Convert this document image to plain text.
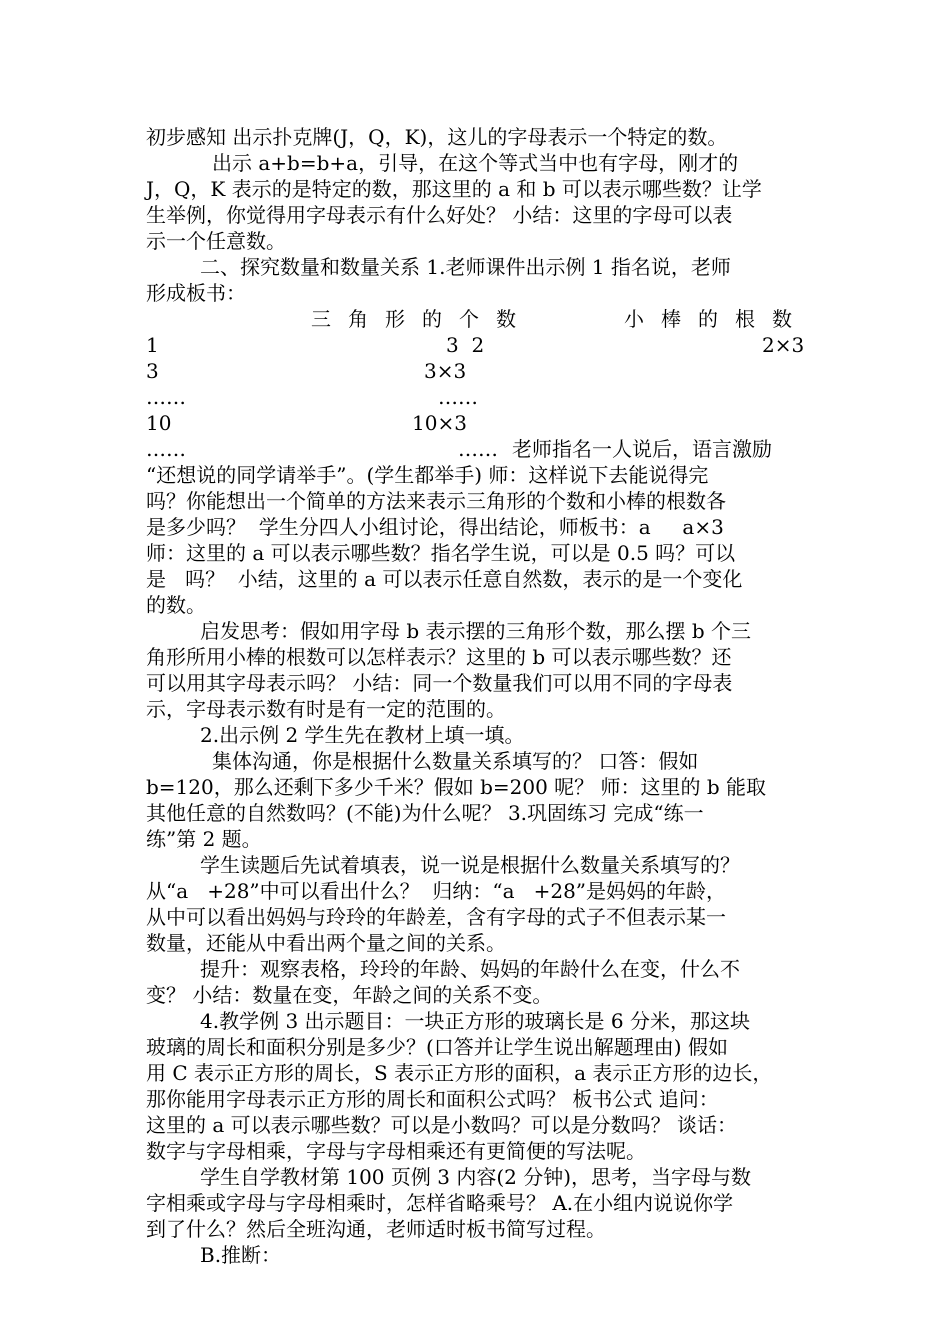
初步感知 出示扑克牌(J，Q，K)，这儿的字母表示一个特定的数。
出示 a+b=b+a，引导，在这个等式当中也有字母，刚才的
J，Q，K 表示的是特定的数，那这里的 a 和 b 可以表示哪些数？让学
生举例，你觉得用字母表示有什么好处？ 小结：这里的字母可以表
示一个任意数。
二、探究数量和数量关系 1.老师课件出示例 1 指名说，老师
形成板书：
三角形的个数	小棒的根数
1	3  2	2×3
3	3×3
……	……
10	10×3
……	…… 老师指名一人说后，语言激励
“还想说的同学请举手”。(学生都举手) 师：这样说下去能说得完
吗？你能想出一个简单的方法来表示三角形的个数和小棒的根数各
是多少吗？  学生分四人小组讨论，得出结论，师板书：a     a×3
师：这里的 a 可以表示哪些数？指名学生说，可以是 0.5 吗？可以
是   吗？  小结，这里的 a 可以表示任意自然数，表示的是一个变化
的数。
启发思考：假如用字母 b 表示摆的三角形个数，那么摆 b 个三
角形所用小棒的根数可以怎样表示？这里的 b 可以表示哪些数？还
可以用其字母表示吗？ 小结：同一个数量我们可以用不同的字母表
示，字母表示数有时是有一定的范围的。
2.出示例 2 学生先在教材上填一填。
集体沟通，你是根据什么数量关系填写的？ 口答：假如
b=120，那么还剩下多少千米？假如 b=200 呢？ 师：这里的 b 能取
其他任意的自然数吗？(不能)为什么呢？ 3.巩固练习 完成“练一
练”第 2 题。
学生读题后先试着填表，说一说是根据什么数量关系填写的？
从“a   +28”中可以看出什么？  归纳：“a   +28”是妈妈的年龄，
从中可以看出妈妈与玲玲的年龄差，含有字母的式子不但表示某一
数量，还能从中看出两个量之间的关系。
提升：观察表格，玲玲的年龄、妈妈的年龄什么在变，什么不
变？ 小结：数量在变，年龄之间的关系不变。
4.教学例 3 出示题目：一块正方形的玻璃长是 6 分米，那这块
玻璃的周长和面积分别是多少？(口答并让学生说出解题理由) 假如
用 C 表示正方形的周长，S 表示正方形的面积，a 表示正方形的边长，
那你能用字母表示正方形的周长和面积公式吗？ 板书公式 追问：
这里的 a 可以表示哪些数？可以是小数吗？可以是分数吗？ 谈话：
数字与字母相乘，字母与字母相乘还有更简便的写法呢。
学生自学教材第 100 页例 3 内容(2 分钟)，思考，当字母与数
字相乘或字母与字母相乘时，怎样省略乘号？ A.在小组内说说你学
到了什么？然后全班沟通，老师适时板书简写过程。
B.推断：
